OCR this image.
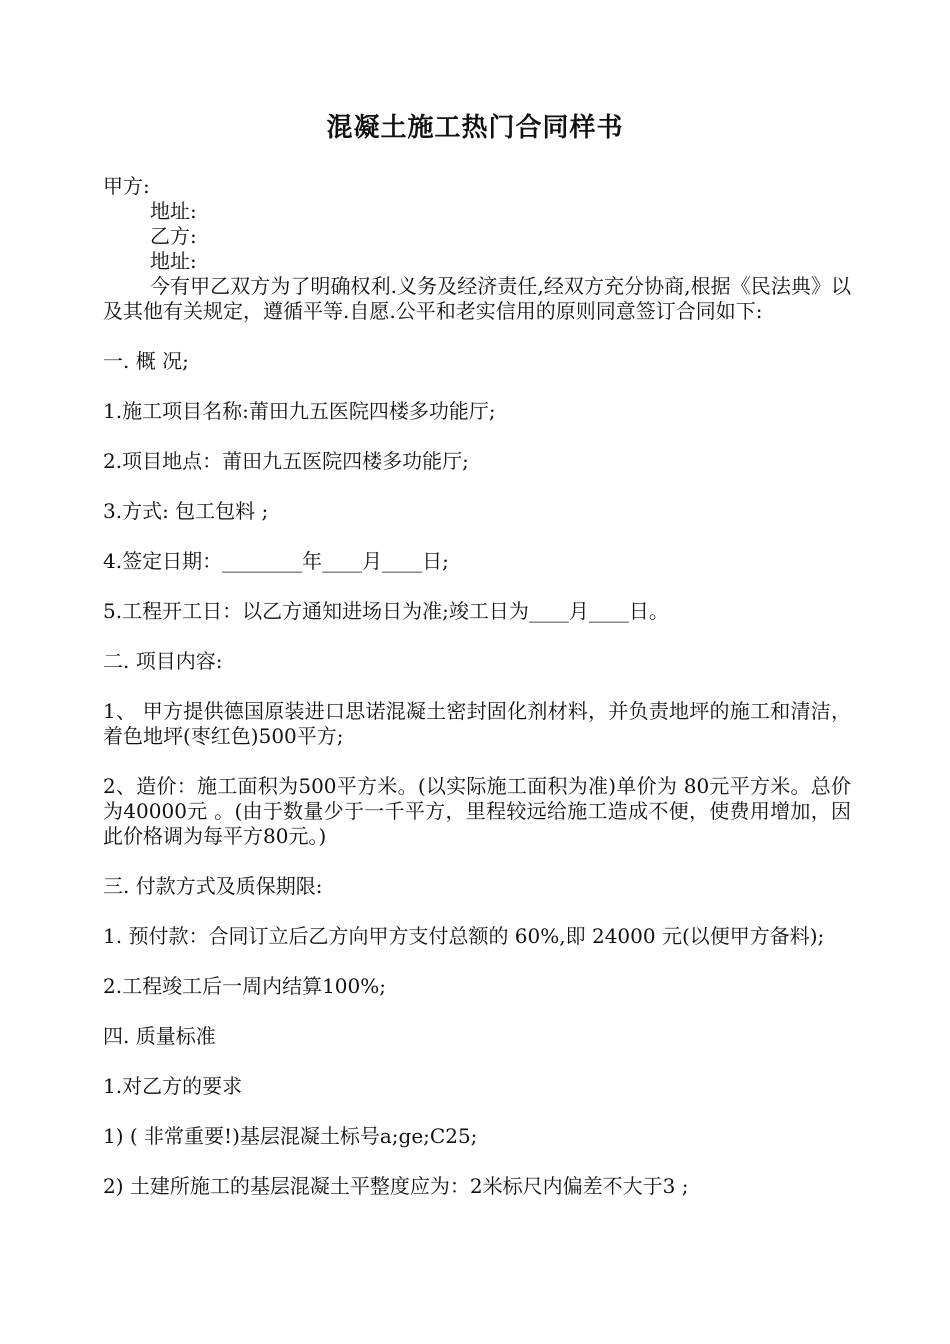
混凝土施工热门合同样书

甲方:

地址:

乙方:

地址:

今有甲乙双方为了明确权利.义务及经济责任,经双方充分协商,根据《民法典》以及其他有关规定，遵循平等.自愿.公平和老实信用的原则同意签订合同如下:

一. 概 况;

1.施工项目名称:莆田九五医院四楼多功能厅;

2.项目地点：莆田九五医院四楼多功能厅;

3.方式: 包工包料 ;

4.签定日期：________年____月____日;

5.工程开工日：以乙方通知进场日为准;竣工日为____月____日。

二. 项目内容:

1、 甲方提供德国原装进口思诺混凝土密封固化剂材料，并负责地坪的施工和清洁，着色地坪(枣红色)500平方;

2、造价：施工面积为500平方米。(以实际施工面积为准)单价为 80元平方米。总价为40000元 。(由于数量少于一千平方，里程较远给施工造成不便，使费用增加，因此价格调为每平方80元。)

三. 付款方式及质保期限:

1. 预付款：合同订立后乙方向甲方支付总额的 60%,即 24000 元(以便甲方备料);

2.工程竣工后一周内结算100%;

四. 质量标准

1.对乙方的要求

1) ( 非常重要!)基层混凝土标号a;ge;C25;

2) 土建所施工的基层混凝土平整度应为：2米标尺内偏差不大于3 ;
